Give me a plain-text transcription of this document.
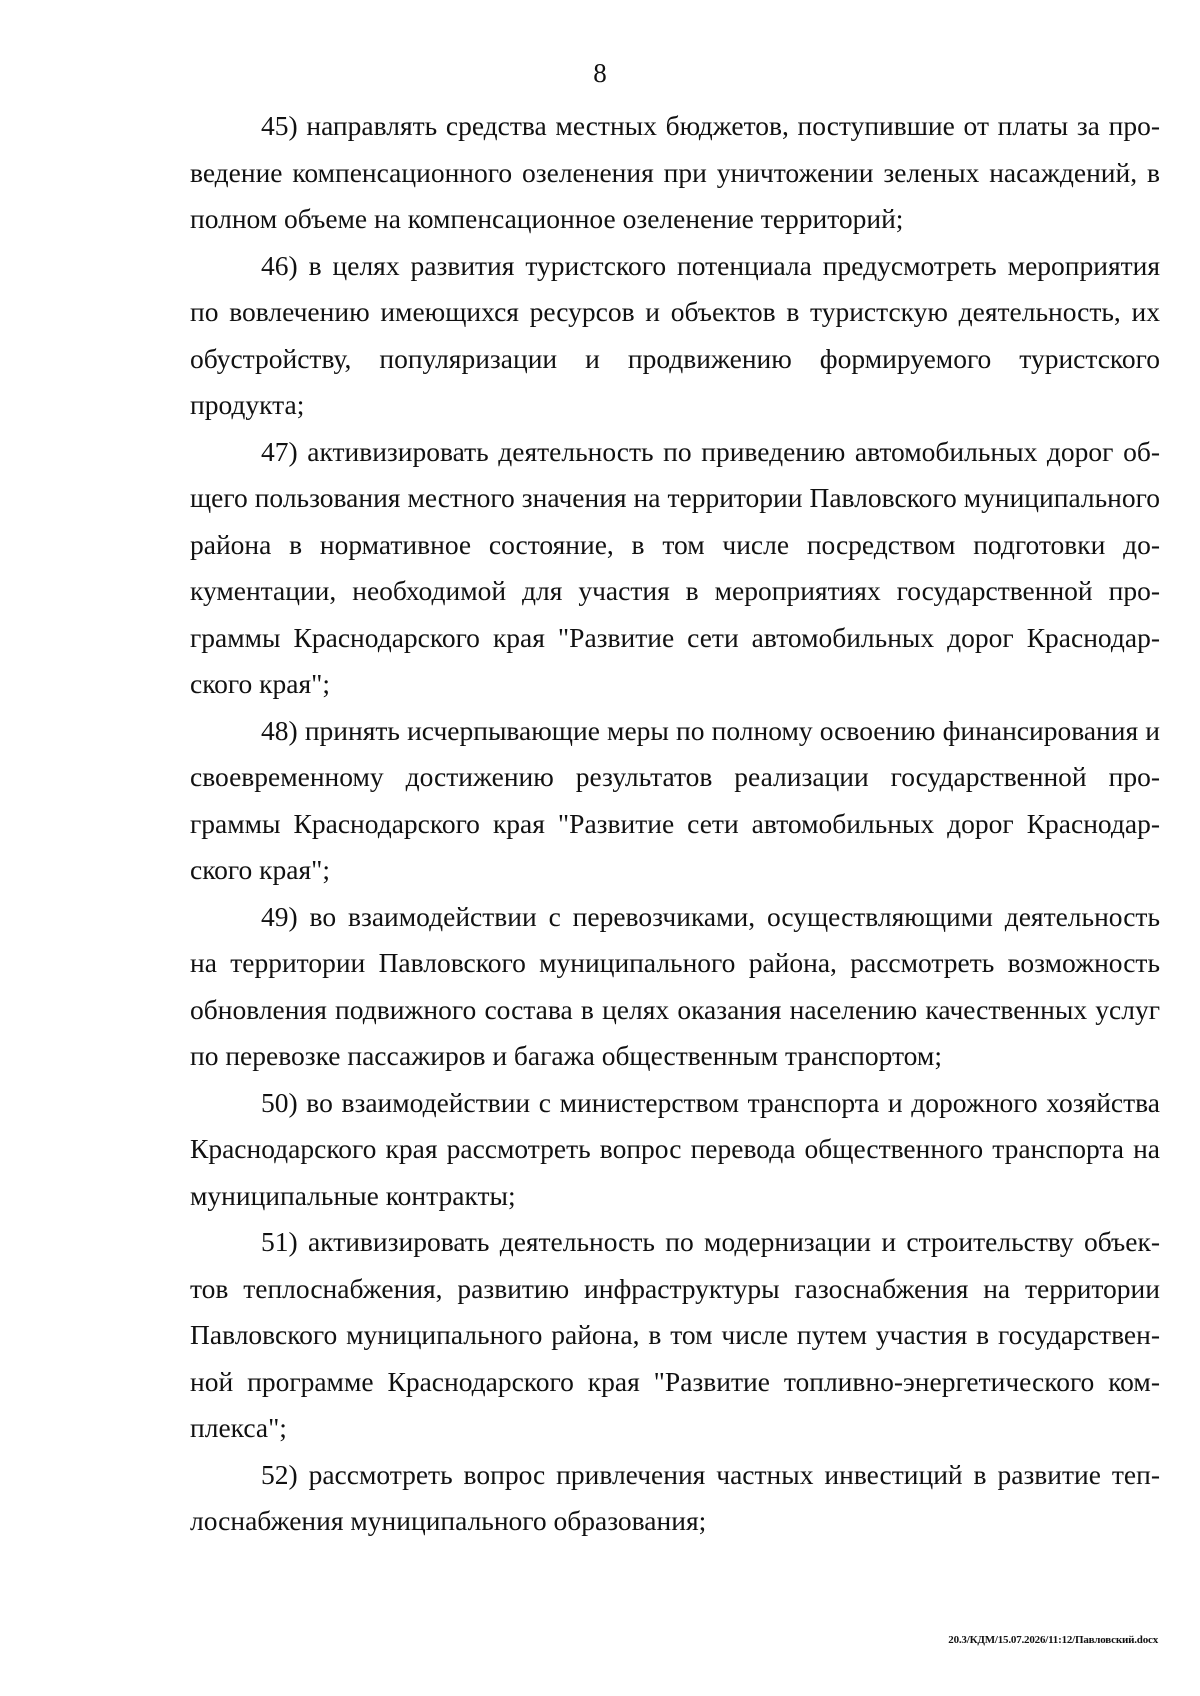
8

45) направлять средства местных бюджетов, поступившие от платы за проведение компенсационного озеленения при уничтожении зеленых насаждений, в полном объеме на компенсационное озеленение территорий;

46) в целях развития туристского потенциала предусмотреть мероприятия по вовлечению имеющихся ресурсов и объектов в туристскую деятельность, их обустройству, популяризации и продвижению формируемого туристского продукта;

47) активизировать деятельность по приведению автомобильных дорог общего пользования местного значения на территории Павловского муниципального района в нормативное состояние, в том числе посредством подготовки документации, необходимой для участия в мероприятиях государственной программы Краснодарского края "Развитие сети автомобильных дорог Краснодарского края";

48) принять исчерпывающие меры по полному освоению финансирования и своевременному достижению результатов реализации государственной программы Краснодарского края "Развитие сети автомобильных дорог Краснодарского края";

49) во взаимодействии с перевозчиками, осуществляющими деятельность на территории Павловского муниципального района, рассмотреть возможность обновления подвижного состава в целях оказания населению качественных услуг по перевозке пассажиров и багажа общественным транспортом;

50) во взаимодействии с министерством транспорта и дорожного хозяйства Краснодарского края рассмотреть вопрос перевода общественного транспорта на муниципальные контракты;

51) активизировать деятельность по модернизации и строительству объектов теплоснабжения, развитию инфраструктуры газоснабжения на территории Павловского муниципального района, в том числе путем участия в государственной программе Краснодарского края "Развитие топливно-энергетического комплекса";

52) рассмотреть вопрос привлечения частных инвестиций в развитие теплоснабжения муниципального образования;

20.3/КДМ/15.07.2026/11:12/Павловский.docx
